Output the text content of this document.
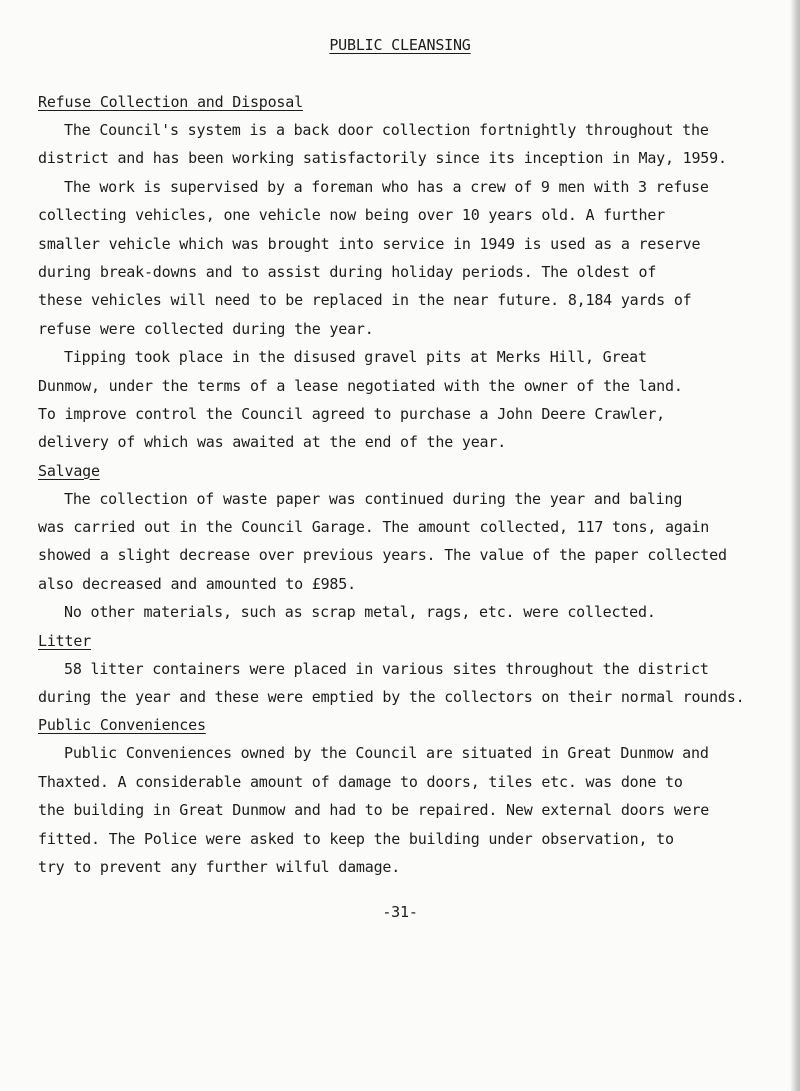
PUBLIC CLEANSING
Refuse Collection and Disposal
The Council's system is a back door collection fortnightly throughout the
district and has been working satisfactorily since its inception in May, 1959.
The work is supervised by a foreman who has a crew of 9 men with 3 refuse
collecting vehicles, one vehicle now being over 10 years old. A further
smaller vehicle which was brought into service in 1949 is used as a reserve
during break-downs and to assist during holiday periods. The oldest of
these vehicles will need to be replaced in the near future. 8,184 yards of
refuse were collected during the year.
Tipping took place in the disused gravel pits at Merks Hill, Great
Dunmow, under the terms of a lease negotiated with the owner of the land.
To improve control the Council agreed to purchase a John Deere Crawler,
delivery of which was awaited at the end of the year.
Salvage
The collection of waste paper was continued during the year and baling
was carried out in the Council Garage. The amount collected, 117 tons, again
showed a slight decrease over previous years. The value of the paper collected
also decreased and amounted to £985.
No other materials, such as scrap metal, rags, etc. were collected.
Litter
58 litter containers were placed in various sites throughout the district
during the year and these were emptied by the collectors on their normal rounds.
Public Conveniences
Public Conveniences owned by the Council are situated in Great Dunmow and
Thaxted. A considerable amount of damage to doors, tiles etc. was done to
the building in Great Dunmow and had to be repaired. New external doors were
fitted. The Police were asked to keep the building under observation, to
try to prevent any further wilful damage.
-31-
